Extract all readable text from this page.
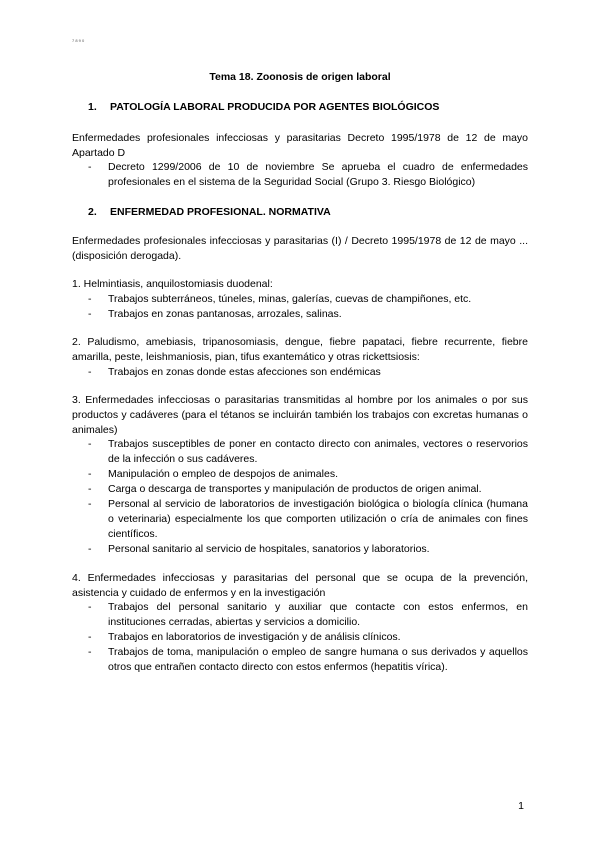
7 8 9 0
Tema 18. Zoonosis de origen laboral
1. PATOLOGÍA LABORAL PRODUCIDA POR AGENTES BIOLÓGICOS
Enfermedades profesionales infecciosas y parasitarias Decreto 1995/1978 de 12 de mayo Apartado D
- Decreto 1299/2006 de 10 de noviembre Se aprueba el cuadro de enfermedades profesionales en el sistema de la Seguridad Social (Grupo 3. Riesgo Biológico)
2. ENFERMEDAD PROFESIONAL. NORMATIVA
Enfermedades profesionales infecciosas y parasitarias (I) / Decreto 1995/1978 de 12 de mayo ... (disposición derogada).
1. Helmintiasis, anquilostomiasis duodenal:
- Trabajos subterráneos, túneles, minas, galerías, cuevas de champiñones, etc.
- Trabajos en zonas pantanosas, arrozales, salinas.
2. Paludismo, amebiasis, tripanosomiasis, dengue, fiebre papataci, fiebre recurrente, fiebre amarilla, peste, leishmaniosis, pian, tifus exantemático y otras rickettsiosis:
- Trabajos en zonas donde estas afecciones son endémicas
3. Enfermedades infecciosas o parasitarias transmitidas al hombre por los animales o por sus productos y cadáveres (para el tétanos se incluirán también los trabajos con excretas humanas o animales)
- Trabajos susceptibles de poner en contacto directo con animales, vectores o reservorios de la infección o sus cadáveres.
- Manipulación o empleo de despojos de animales.
- Carga o descarga de transportes y manipulación de productos de origen animal.
- Personal al servicio de laboratorios de investigación biológica o biología clínica (humana o veterinaria) especialmente los que comporten utilización o cría de animales con fines científicos.
- Personal sanitario al servicio de hospitales, sanatorios y laboratorios.
4. Enfermedades infecciosas y parasitarias del personal que se ocupa de la prevención, asistencia y cuidado de enfermos y en la investigación
- Trabajos del personal sanitario y auxiliar que contacte con estos enfermos, en instituciones cerradas, abiertas y servicios a domicilio.
- Trabajos en laboratorios de investigación y de análisis clínicos.
- Trabajos de toma, manipulación o empleo de sangre humana o sus derivados y aquellos otros que entrañen contacto directo con estos enfermos (hepatitis vírica).
1
